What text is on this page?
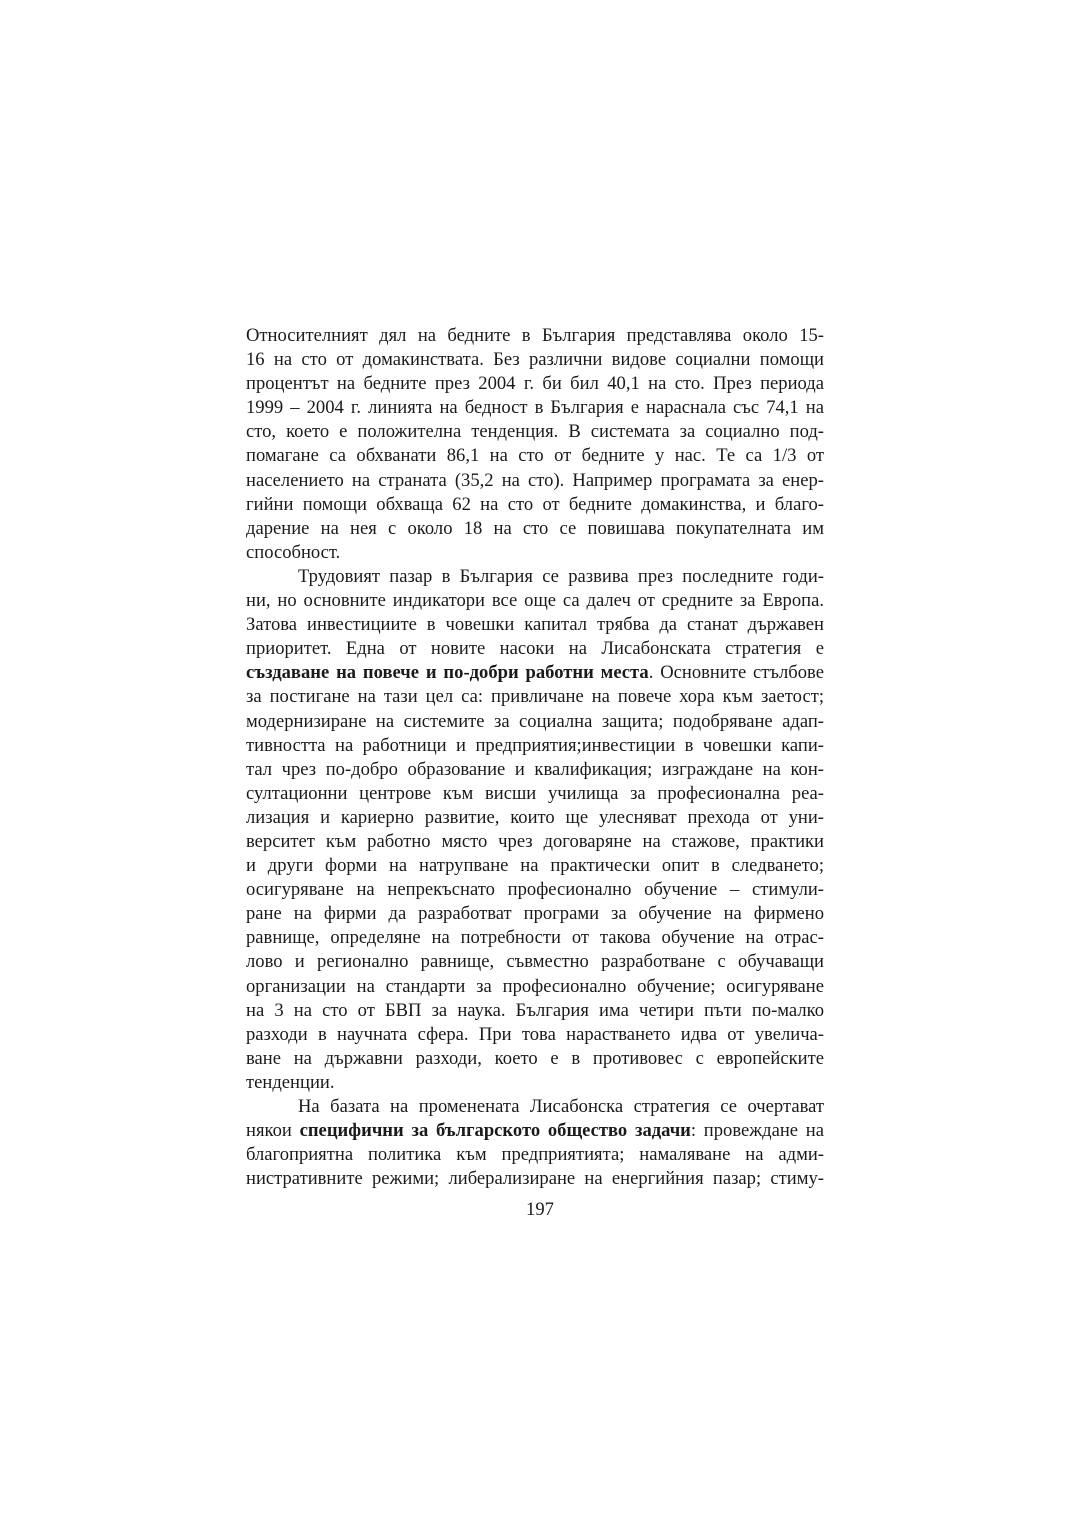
Относителният дял на бедните в България представлява около 15-
16 на сто от домакинствата. Без различни видове социални помощи
процентът на бедните през 2004 г. би бил 40,1 на сто. През периода
1999 – 2004 г. линията на бедност в България е нараснала със 74,1 на
сто, което е положителна тенденция. В системата за социално под-
помагане са обхванати 86,1 на сто от бедните у нас. Те са 1/3 от
населението на страната (35,2 на сто). Например програмата за енер-
гийни помощи обхваща 62 на сто от бедните домакинства, и благо-
дарение на нея с около 18 на сто се повишава покупателната им
способност.
Трудовият пазар в България се развива през последните годи-
ни, но основните индикатори все още са далеч от средните за Европа.
Затова инвестициите в човешки капитал трябва да станат държавен
приоритет. Една от новите насоки на Лисабонската стратегия е
създаване на повече и по-добри работни места. Основните стълбове
за постигане на тази цел са: привличане на повече хора към заетост;
модернизиране на системите за социална защита; подобряване адап-
тивността на работници и предприятия;инвестиции в човешки капи-
тал чрез по-добро образование и квалификация; изграждане на кон-
султационни центрове към висши училища за професионална реа-
лизация и кариерно развитие, които ще улесняват прехода от уни-
верситет към работно място чрез договаряне на стажове, практики
и други форми на натрупване на практически опит в следването;
осигуряване на непрекъснато професионално обучение – стимули-
ране на фирми да разработват програми за обучение на фирмено
равнище, определяне на потребности от такова обучение на отрас-
лово и регионално равнище, съвместно разработване с обучаващи
организации на стандарти за професионално обучение; осигуряване
на 3 на сто от БВП за наука. България има четири пъти по-малко
разходи в научната сфера. При това нарастването идва от увелича-
ване на държавни разходи, което е в противовес с европейските
тенденции.
На базата на променената Лисабонска стратегия се очертават
някои специфични за българското общество задачи: провеждане на
благоприятна политика към предприятията; намаляване на адми-
нистративните режими; либерализиране на енергийния пазар; стиму-
197
